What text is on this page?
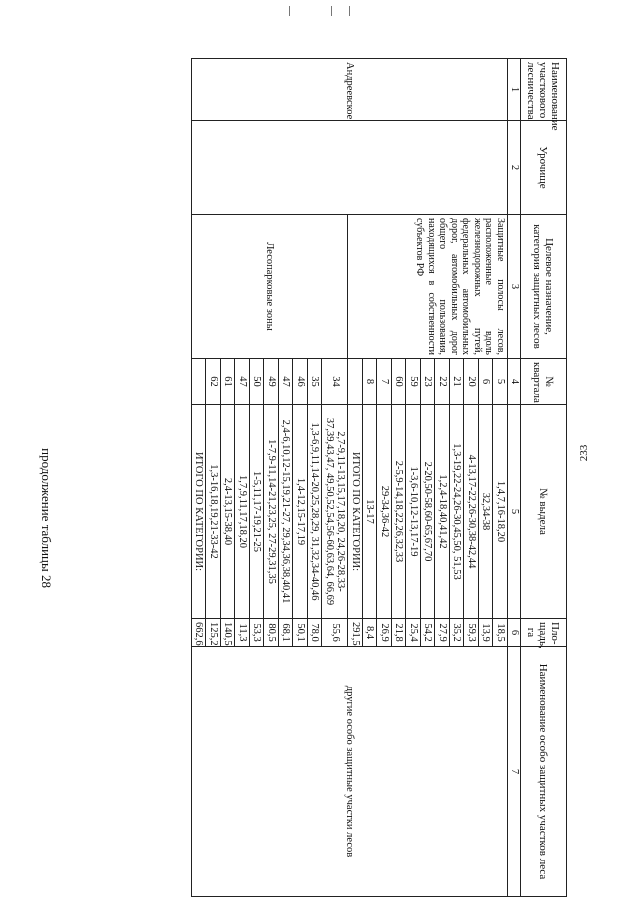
233
продолжение таблицы 28
Наименование участкового лесничества	Урочище	Целевое назначение, категория защитных лесов	№ квартала	№ выдела	Пло-щадь, га	Наименование особо защитных участков леса
1	2	3	4	5	6	7
Андреевское		Защитные полосы лесов, расположенные вдоль железнодорожных путей, федеральных автомобильных дорог, автомобильных дорог общего пользования, находящихся в собственности субъектов РФ	5	1,4,7,16-18,20	18,5	другие особо защитные участки лесов
			6	32,34-38	13,9	
			20	4-13,17-22,26-30,38-42,44	59,3	
			21	1,3-19,22-24,26-30,45,50, 51,53	35,2	
			22	1,2,4-18,40,41,42	27,9	
			23	2-20,50-58,60-65,67,70	54,2	
			59	1-3,6-10,12-13,17-19	25,4	
			60	2-5,9-14,18,22,26,32,33	21,8	
			7	29-34,36-42	26,9	
			8	13-17	8,4	
				ИТОГО ПО КАТЕГОРИИ:	291,5	
		Лесопарковые зоны	34	2,7-9,11-13,15,17,18,20, 24,26-28,33-37,39,43,47, 49,50,52,54,56-60,63,64, 66,69	55,6	
			35	1,3-6,9,11,14-20,25,28,29, 31,32,34-40,46	78,0	
			46	1,4-12,15-17,19	50,1	
			47	2,4-6,10,12-15,19,21-27, 29,34,36,38,40,41	68,1	
			49	1-7,9-11,14-21,23,25, 27-29,31,35	80,5	
			50	1-5,11,17-19,21-25	53,3	
			47	1,7,9,11,17,18,20	11,3	
			61	2,4-13,15-38,40	140,5	
			62	1,3-16,18,19,21-33-42	125,2	
				ИТОГО ПО КАТЕГОРИИ:	662,6	
